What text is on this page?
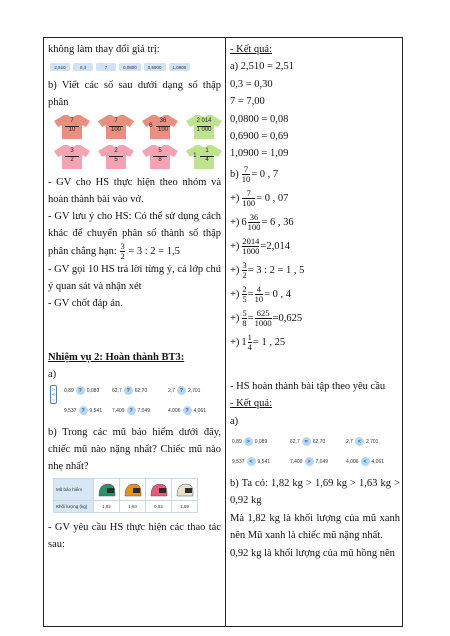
không làm thay đổi giá trị:
2,510	0,3	7	0,0800	0,6900	1,0900
b) Viết các số sau dưới dạng số thập phân
7
10
7
100
6
36
100
2 014
1 000
3
2
2
5
5
8
1
1
4
- GV cho HS thực hiện theo nhóm và hoàn thành bài vào vở.
- GV lưu ý cho HS: Có thể sử dụng cách khác để chuyển phân số thành số thập phân chẳng hạn: $\frac{3}{2} = 3$ : 2 = 1,5
- GV gọi 10 HS trả lời từng ý, cả lớp chú ý quan sát và nhận xét
- GV chốt đáp án.
Nhiệm vụ 2: Hoàn thành BT3:
a)
>
<
=
0,89 ? 0,089	62,7 ? 62,70	2,7 ? 2,701
9,537 ? 9,541 7,409 ? 7,049	4,006 ? 4,061
b) Trong các mũ bảo hiểm dưới đây, chiếc mũ nào nặng nhất? Chiếc mũ nào nhẹ nhất?
Mũ bảo hiểm	

Khối lượng (kg)	1,82	1,63	0,92	1,69
- GV yêu cầu HS thực hiện các thao tác sau:
- Kết quả:
a) 2,510 = 2,51
0,3 = 0,30
7 = 7,00
0,0800 = 0,08
0,6900 = 0,69
1,0900 = 1,09
b) 7
10 = 0 , 7
+) 7
100 = 0 , 07
+) 6 36
100 = 6 , 36
+) 2014
1000 =2,014
+) 3
2 = 3 : 2 = 1 , 5
+) 2
5 = 4
10 = 0 , 4
+) 5
8 = 625
1000 =0,625
+) 1 1
4 = 1 , 25
- HS hoàn thành bài tập theo yêu cầu
- Kết quả:
a)
0,89 > 0,089	62,7 = 62,70	2,7 < 2,701
9,537 < 9,541	7,409 > 7,049	4,006 < 4,061
b) Ta có: 1,82 kg > 1,69 kg > 1,63 kg > 0,92 kg
Mà 1,82 kg là khối lượng của mũ xanh nên Mũ xanh là chiếc mũ nặng nhất.
0,92 kg là khối lượng của mũ hồng nên
